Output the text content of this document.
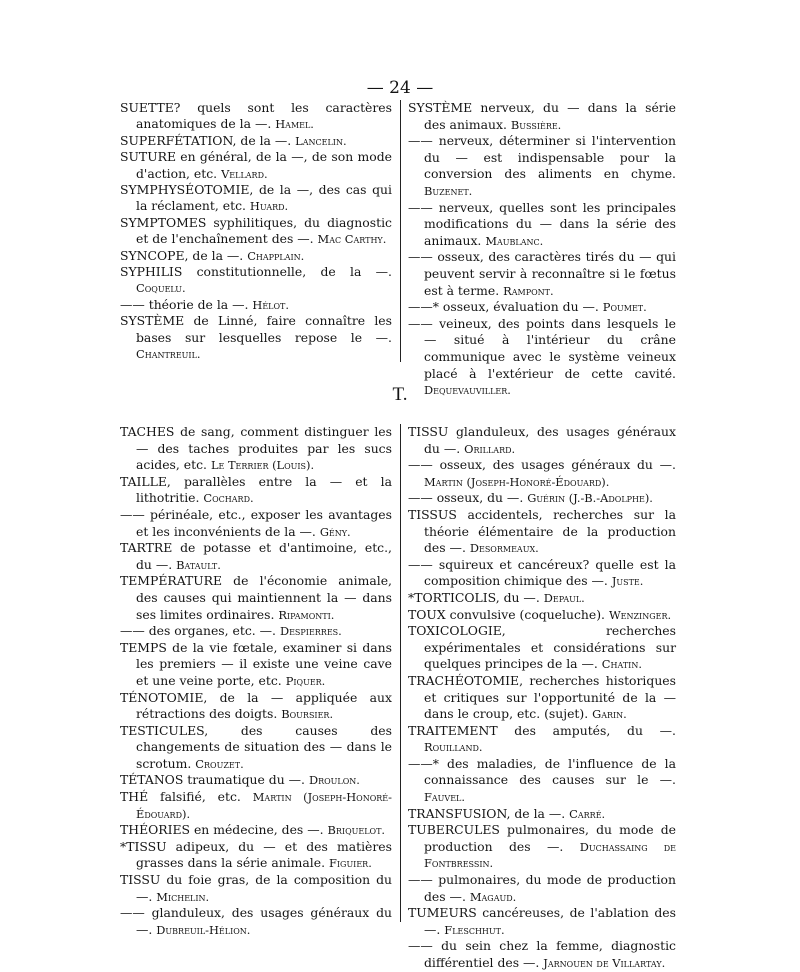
— 24 —

SUETTE? quels sont les caractères anatomiques de la —. Hamel.

SUPERFÉTATION, de la —. Lancelin.

SUTURE en général, de la —, de son mode d'action, etc. Vellard.

SYMPHYSÉOTOMIE, de la —, des cas qui la réclament, etc. Huard.

SYMPTOMES syphilitiques, du diagnostic et de l'enchaînement des —. Mac Carthy.

SYNCOPE, de la —. Chapplain.

SYPHILIS constitutionnelle, de la —. Coquelu.

—— théorie de la —. Hélot.

SYSTÈME de Linné, faire connaître les bases sur lesquelles repose le —. Chantreuil.

SYSTÈME nerveux, du — dans la série des animaux. Bussière.

—— nerveux, déterminer si l'intervention du — est indispensable pour la conversion des aliments en chyme. Buzenet.

—— nerveux, quelles sont les principales modifications du — dans la série des animaux. Maublanc.

—— osseux, des caractères tirés du — qui peuvent servir à reconnaître si le fœtus est à terme. Rampont.

——* osseux, évaluation du —. Poumet.

—— veineux, des points dans lesquels le — situé à l'intérieur du crâne communique avec le système veineux placé à l'extérieur de cette cavité. Dequevauviller.

T.

TACHES de sang, comment distinguer les — des taches produites par les sucs acides, etc. Le Terrier (Louis).

TAILLE, parallèles entre la — et la lithotritie. Cochard.

—— périnéale, etc., exposer les avantages et les inconvénients de la —. Gény.

TARTRE de potasse et d'antimoine, etc., du —. Batault.

TEMPÉRATURE de l'économie animale, des causes qui maintiennent la — dans ses limites ordinaires. Ripamonti.

—— des organes, etc. —. Despierres.

TEMPS de la vie fœtale, examiner si dans les premiers — il existe une veine cave et une veine porte, etc. Piquer.

TÉNOTOMIE, de la — appliquée aux rétractions des doigts. Boursier.

TESTICULES, des causes des changements de situation des — dans le scrotum. Crouzet.

TÉTANOS traumatique du —. Droulon.

THÉ falsifié, etc. Martin (Joseph-Honoré-Édouard).

THÉORIES en médecine, des —. Briquelot.

*TISSU adipeux, du — et des matières grasses dans la série animale. Figuier.

TISSU du foie gras, de la composition du —. Michelin.

—— glanduleux, des usages généraux du —. Dubreuil-Hélion.

TISSU glanduleux, des usages généraux du —. Orillard.

—— osseux, des usages généraux du —. Martin (Joseph-Honoré-Édouard).

—— osseux, du —. Guérin (J.-B.-Adolphe).

TISSUS accidentels, recherches sur la théorie élémentaire de la production des —. Desormeaux.

—— squireux et cancéreux? quelle est la composition chimique des —. Juste.

*TORTICOLIS, du —. Depaul.

TOUX convulsive (coqueluche). Wenzinger.

TOXICOLOGIE, recherches expérimentales et considérations sur quelques principes de la —. Chatin.

TRACHÉOTOMIE, recherches historiques et critiques sur l'opportunité de la — dans le croup, etc. (sujet). Garin.

TRAITEMENT des amputés, du —. Rouilland.

——* des maladies, de l'influence de la connaissance des causes sur le —. Fauvel.

TRANSFUSION, de la —. Carré.

TUBERCULES pulmonaires, du mode de production des —. Duchassaing de Fontbressin.

—— pulmonaires, du mode de production des —. Magaud.

TUMEURS cancéreuses, de l'ablation des —. Fleschhut.

—— du sein chez la femme, diagnostic différentiel des —. Jarnouen de Villartay.
